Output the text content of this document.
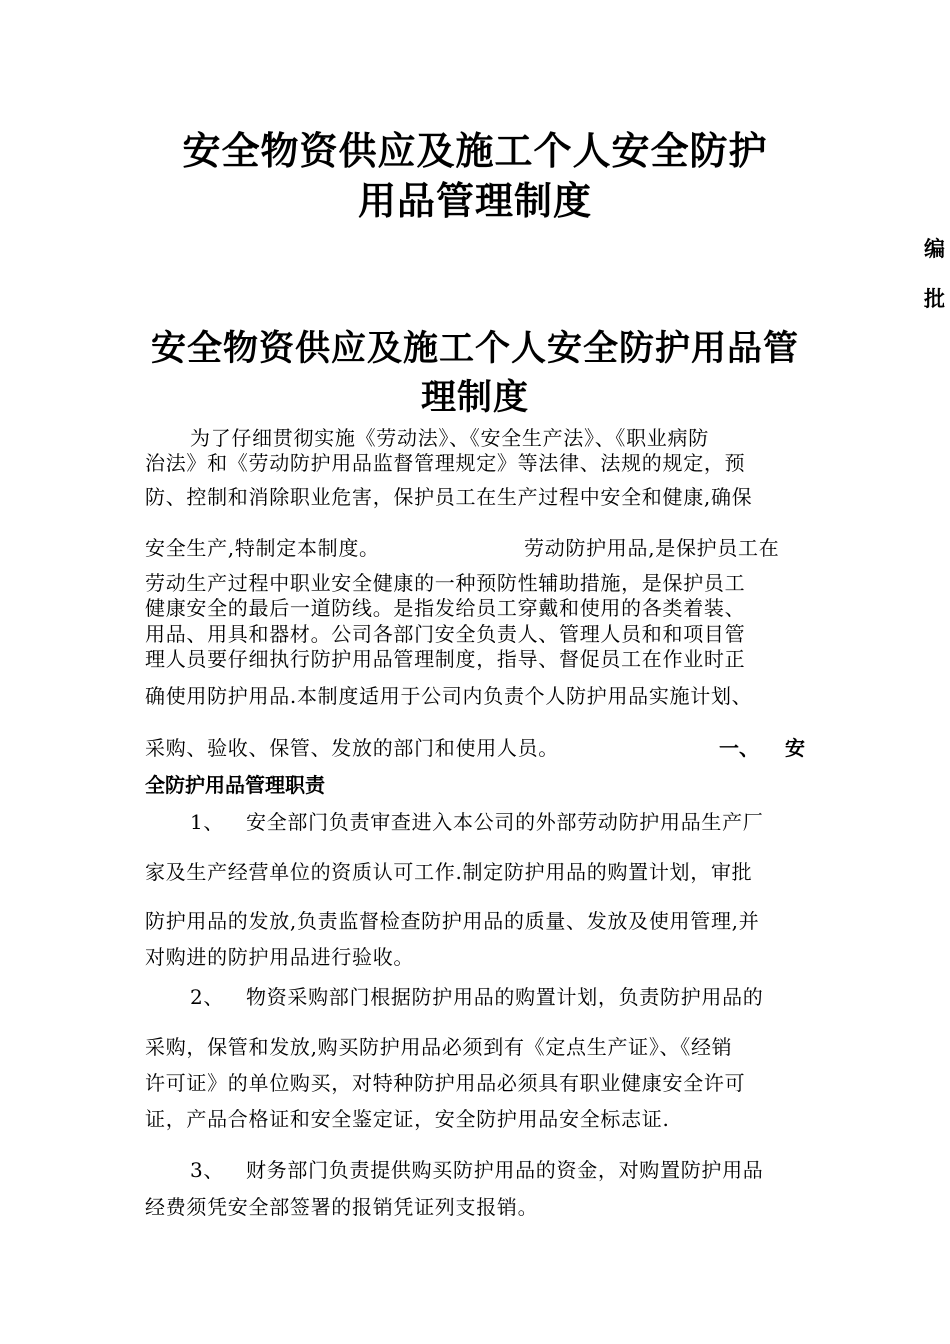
安全物资供应及施工个人安全防护
用品管理制度
编
批
安全物资供应及施工个人安全防护用品管
理制度
为了仔细贯彻实施《劳动法》、《安全生产法》、《职业病防
治法》和《劳动防护用品监督管理规定》等法律、法规的规定，预
防、控制和消除职业危害，保护员工在生产过程中安全和健康,确保
安全生产,特制定本制度。	劳动防护用品,是保护员工在
劳动生产过程中职业安全健康的一种预防性辅助措施，是保护员工
健康安全的最后一道防线。是指发给员工穿戴和使用的各类着装、
用品、用具和器材。公司各部门安全负责人、管理人员和和项目管
理人员要仔细执行防护用品管理制度，指导、督促员工在作业时正
确使用防护用品.本制度适用于公司内负责个人防护用品实施计划、
采购、验收、保管、发放的部门和使用人员。	一、 安
全防护用品管理职责
1、 安全部门负责审查进入本公司的外部劳动防护用品生产厂
家及生产经营单位的资质认可工作.制定防护用品的购置计划，审批
防护用品的发放,负责监督检查防护用品的质量、发放及使用管理,并
对购进的防护用品进行验收。
2、 物资采购部门根据防护用品的购置计划，负责防护用品的
采购，保管和发放,购买防护用品必须到有《定点生产证》、《经销
许可证》的单位购买，对特种防护用品必须具有职业健康安全许可
证，产品合格证和安全鉴定证，安全防护用品安全标志证.
3、 财务部门负责提供购买防护用品的资金，对购置防护用品
经费须凭安全部签署的报销凭证列支报销。
